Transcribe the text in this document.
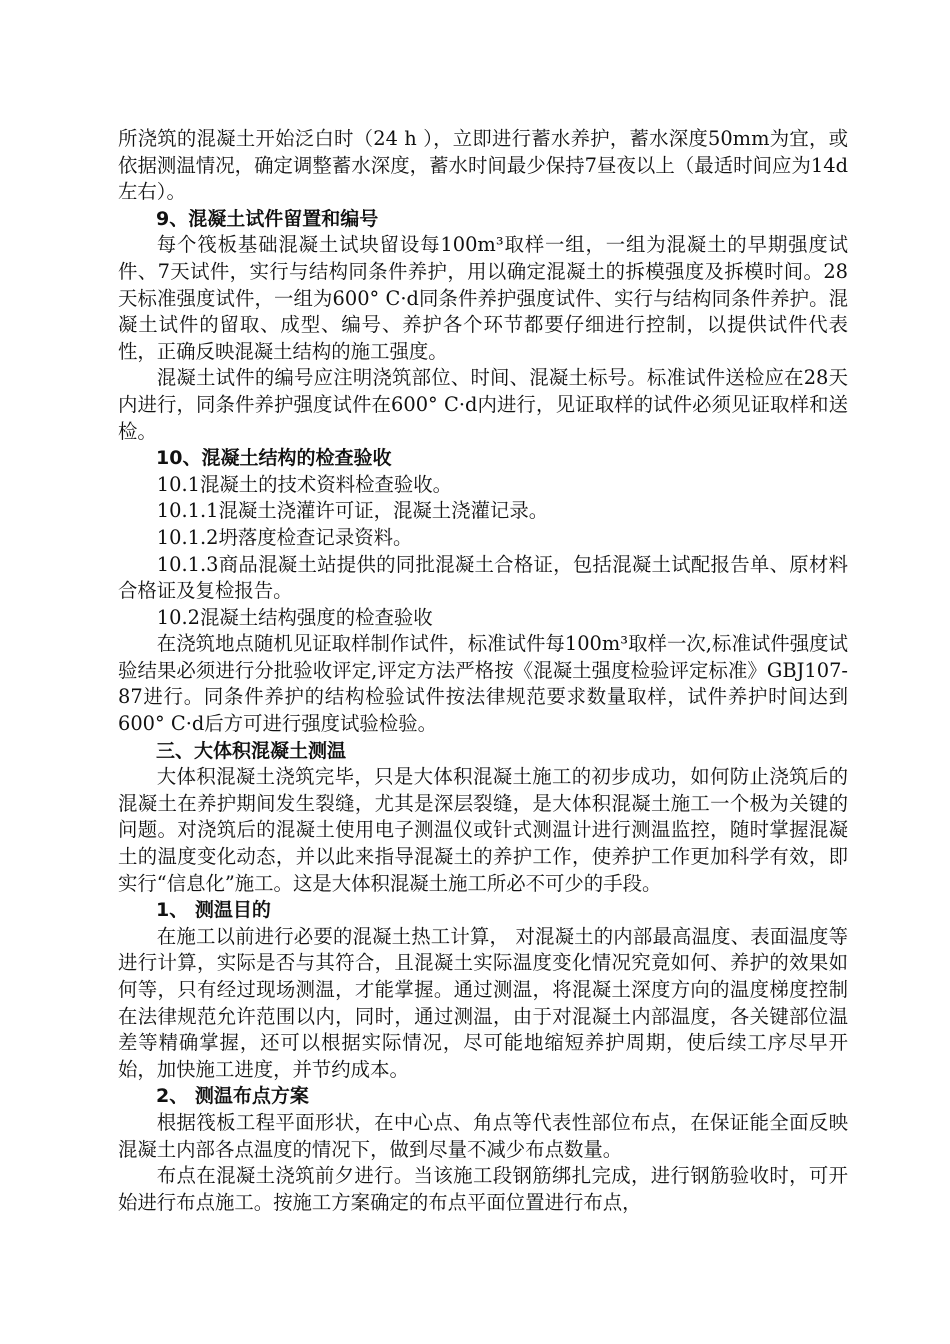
所浇筑的混凝土开始泛白时（24 h ），立即进行蓄水养护，蓄水深度50mm为宜，或依据测温情况，确定调整蓄水深度，蓄水时间最少保持7昼夜以上（最适时间应为14d左右）。

9、混凝土试件留置和编号

每个筏板基础混凝土试块留设每100m³取样一组，一组为混凝土的早期强度试件、7天试件，实行与结构同条件养护，用以确定混凝土的拆模强度及拆模时间。28天标准强度试件，一组为600° C·d同条件养护强度试件、实行与结构同条件养护。混凝土试件的留取、成型、编号、养护各个环节都要仔细进行控制，以提供试件代表性，正确反映混凝土结构的施工强度。

混凝土试件的编号应注明浇筑部位、时间、混凝土标号。标准试件送检应在28天内进行，同条件养护强度试件在600° C·d内进行，见证取样的试件必须见证取样和送检。

10、混凝土结构的检查验收

10.1混凝土的技术资料检查验收。

10.1.1混凝土浇灌许可证，混凝土浇灌记录。

10.1.2坍落度检查记录资料。

10.1.3商品混凝土站提供的同批混凝土合格证，包括混凝土试配报告单、原材料合格证及复检报告。

10.2混凝土结构强度的检查验收

在浇筑地点随机见证取样制作试件，标准试件每100m³取样一次,标准试件强度试验结果必须进行分批验收评定,评定方法严格按《混凝土强度检验评定标准》GBJ107-87进行。同条件养护的结构检验试件按法律规范要求数量取样，试件养护时间达到600° C·d后方可进行强度试验检验。

三、大体积混凝土测温

大体积混凝土浇筑完毕，只是大体积混凝土施工的初步成功，如何防止浇筑后的混凝土在养护期间发生裂缝，尤其是深层裂缝，是大体积混凝土施工一个极为关键的问题。对浇筑后的混凝土使用电子测温仪或针式测温计进行测温监控，随时掌握混凝土的温度变化动态，并以此来指导混凝土的养护工作，使养护工作更加科学有效，即实行“信息化”施工。这是大体积混凝土施工所必不可少的手段。

1、 测温目的

在施工以前进行必要的混凝土热工计算， 对混凝土的内部最高温度、表面温度等进行计算，实际是否与其符合，且混凝土实际温度变化情况究竟如何、养护的效果如何等，只有经过现场测温，才能掌握。通过测温，将混凝土深度方向的温度梯度控制在法律规范允许范围以内，同时，通过测温，由于对混凝土内部温度，各关键部位温差等精确掌握，还可以根据实际情况，尽可能地缩短养护周期，使后续工序尽早开始，加快施工进度，并节约成本。

2、 测温布点方案

根据筏板工程平面形状，在中心点、角点等代表性部位布点，在保证能全面反映混凝土内部各点温度的情况下，做到尽量不减少布点数量。

布点在混凝土浇筑前夕进行。当该施工段钢筋绑扎完成，进行钢筋验收时，可开始进行布点施工。按施工方案确定的布点平面位置进行布点，
